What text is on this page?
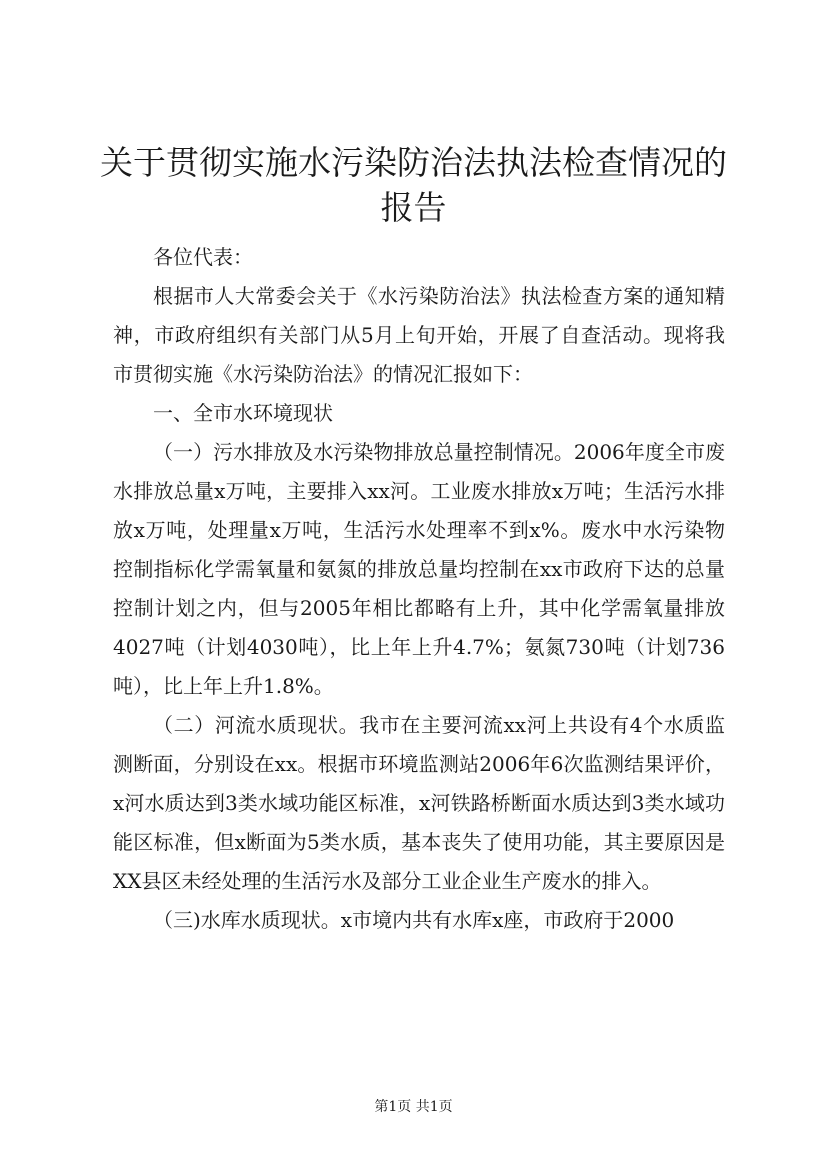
关于贯彻实施水污染防治法执法检查情况的报告

各位代表：

根据市人大常委会关于《水污染防治法》执法检查方案的通知精神，市政府组织有关部门从5月上旬开始，开展了自查活动。现将我市贯彻实施《水污染防治法》的情况汇报如下：

一、全市水环境现状

（一）污水排放及水污染物排放总量控制情况。2006年度全市废水排放总量x万吨，主要排入xx河。工业废水排放x万吨；生活污水排放x万吨，处理量x万吨，生活污水处理率不到x%。废水中水污染物控制指标化学需氧量和氨氮的排放总量均控制在xx市政府下达的总量控制计划之内，但与2005年相比都略有上升，其中化学需氧量排放4027吨（计划4030吨），比上年上升4.7%；氨氮730吨（计划736吨），比上年上升1.8%。

（二）河流水质现状。我市在主要河流xx河上共设有4个水质监测断面，分别设在xx。根据市环境监测站2006年6次监测结果评价，x河水质达到3类水域功能区标准，x河铁路桥断面水质达到3类水域功能区标准，但x断面为5类水质，基本丧失了使用功能，其主要原因是XX县区未经处理的生活污水及部分工业企业生产废水的排入。

（三)水库水质现状。x市境内共有水库x座，市政府于2000

第1页 共1页
